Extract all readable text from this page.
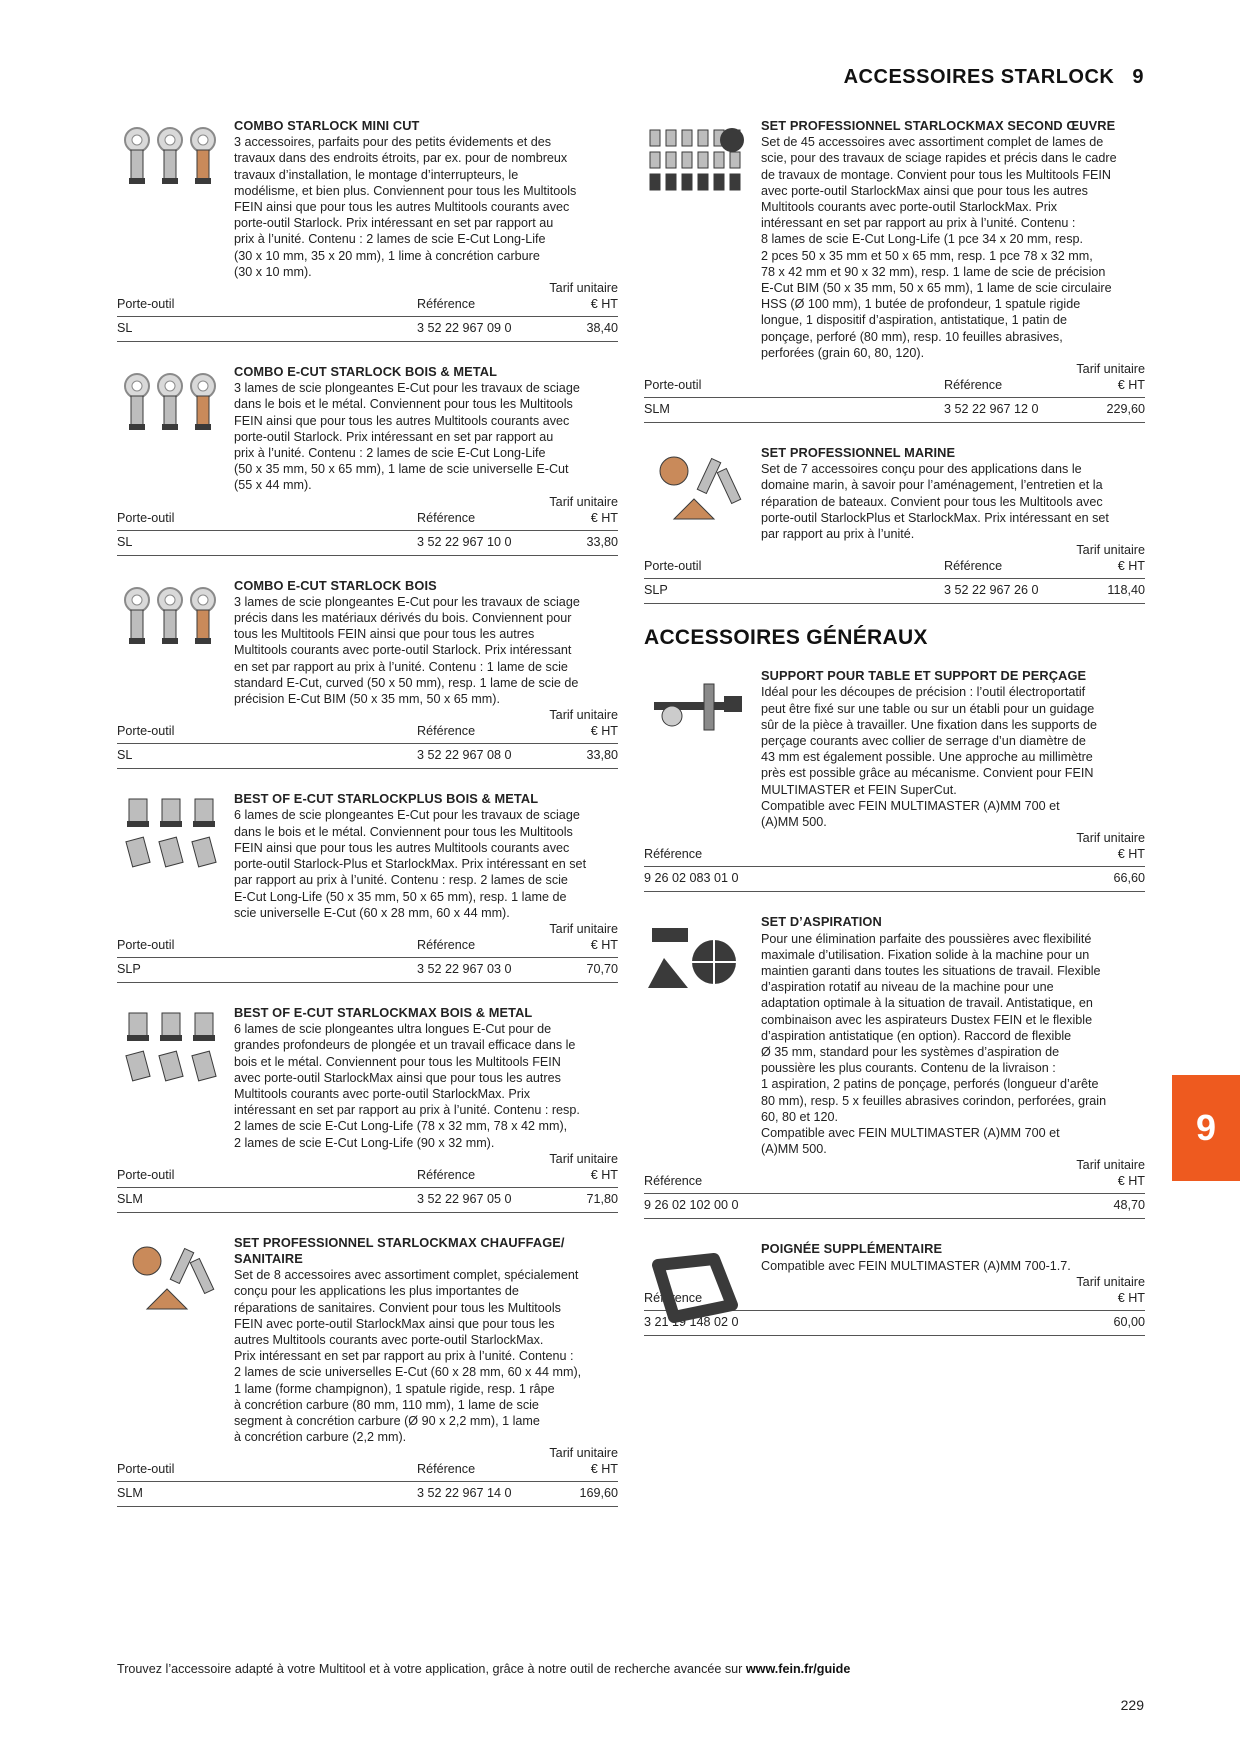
ACCESSOIRES STARLOCK 9
COMBO STARLOCK MINI CUT
3 accessoires, parfaits pour des petits évidements et des
travaux dans des endroits étroits, par ex. pour de nombreux
travaux d’installation, le montage d’interrupteurs, le
modélisme, et bien plus. Conviennent pour tous les Multitools
FEIN ainsi que pour tous les autres Multitools courants avec
porte-outil Starlock. Prix intéressant en set par rapport au
prix à l’unité. Contenu : 2 lames de scie E-Cut Long-Life
(30 x 10 mm, 35 x 20 mm), 1 lime à concrétion carbure
(30 x 10 mm).
Tarif unitaire
Porte-outil	Référence	€ HT
SL	3 52 22 967 09 0	38,40
COMBO E-CUT STARLOCK BOIS & METAL
3 lames de scie plongeantes E-Cut pour les travaux de sciage
dans le bois et le métal. Conviennent pour tous les Multitools
FEIN ainsi que pour tous les autres Multitools courants avec
porte-outil Starlock. Prix intéressant en set par rapport au
prix à l’unité. Contenu : 2 lames de scie E-Cut Long-Life
(50 x 35 mm, 50 x 65 mm), 1 lame de scie universelle E-Cut
(55 x 44 mm).
Tarif unitaire
Porte-outil	Référence	€ HT
SL	3 52 22 967 10 0	33,80
COMBO E-CUT STARLOCK BOIS
3 lames de scie plongeantes E-Cut pour les travaux de sciage
précis dans les matériaux dérivés du bois. Conviennent pour
tous les Multitools FEIN ainsi que pour tous les autres
Multitools courants avec porte-outil Starlock. Prix intéressant
en set par rapport au prix à l’unité. Contenu : 1 lame de scie
standard E-Cut, curved (50 x 50 mm), resp. 1 lame de scie de
précision E-Cut BIM (50 x 35 mm, 50 x 65 mm).
Tarif unitaire
Porte-outil	Référence	€ HT
SL	3 52 22 967 08 0	33,80
BEST OF E-CUT STARLOCKPLUS BOIS & METAL
6 lames de scie plongeantes E-Cut pour les travaux de sciage
dans le bois et le métal. Conviennent pour tous les Multitools
FEIN ainsi que pour tous les autres Multitools courants avec
porte-outil Starlock-Plus et StarlockMax. Prix intéressant en set
par rapport au prix à l’unité. Contenu : resp. 2 lames de scie
E-Cut Long-Life (50 x 35 mm, 50 x 65 mm), resp. 1 lame de
scie universelle E-Cut (60 x 28 mm, 60 x 44 mm).
Tarif unitaire
Porte-outil	Référence	€ HT
SLP	3 52 22 967 03 0	70,70
BEST OF E-CUT STARLOCKMAX BOIS & METAL
6 lames de scie plongeantes ultra longues E-Cut pour de
grandes profondeurs de plongée et un travail efficace dans le
bois et le métal. Conviennent pour tous les Multitools FEIN
avec porte-outil StarlockMax ainsi que pour tous les autres
Multitools courants avec porte-outil StarlockMax. Prix
intéressant en set par rapport au prix à l’unité. Contenu : resp.
2 lames de scie E-Cut Long-Life (78 x 32 mm, 78 x 42 mm),
2 lames de scie E-Cut Long-Life (90 x 32 mm).
Tarif unitaire
Porte-outil	Référence	€ HT
SLM	3 52 22 967 05 0	71,80
SET PROFESSIONNEL STARLOCKMAX CHAUFFAGE/
SANITAIRE
Set de 8 accessoires avec assortiment complet, spécialement
conçu pour les applications les plus importantes de
réparations de sanitaires. Convient pour tous les Multitools
FEIN avec porte-outil StarlockMax ainsi que pour tous les
autres Multitools courants avec porte-outil StarlockMax.
Prix intéressant en set par rapport au prix à l’unité. Contenu :
2 lames de scie universelles E-Cut (60 x 28 mm, 60 x 44 mm),
1 lame (forme champignon), 1 spatule rigide, resp. 1 râpe
à concrétion carbure (80 mm, 110 mm), 1 lame de scie
segment à concrétion carbure (Ø 90 x 2,2 mm), 1 lame
à concrétion carbure (2,2 mm).
Tarif unitaire
Porte-outil	Référence	€ HT
SLM	3 52 22 967 14 0	169,60
SET PROFESSIONNEL STARLOCKMAX SECOND ŒUVRE
Set de 45 accessoires avec assortiment complet de lames de
scie, pour des travaux de sciage rapides et précis dans le cadre
de travaux de montage. Convient pour tous les Multitools FEIN
avec porte-outil StarlockMax ainsi que pour tous les autres
Multitools courants avec porte-outil StarlockMax. Prix
intéressant en set par rapport au prix à l’unité. Contenu :
8 lames de scie E-Cut Long-Life (1 pce 34 x 20 mm, resp.
2 pces 50 x 35 mm et 50 x 65 mm, resp. 1 pce 78 x 32 mm,
78 x 42 mm et 90 x 32 mm), resp. 1 lame de scie de précision
E-Cut BIM (50 x 35 mm, 50 x 65 mm), 1 lame de scie circulaire
HSS (Ø 100 mm), 1 butée de profondeur, 1 spatule rigide
longue, 1 dispositif d’aspiration, antistatique, 1 patin de
ponçage, perforé (80 mm), resp. 10 feuilles abrasives,
perforées (grain 60, 80, 120).
Tarif unitaire
Porte-outil	Référence	€ HT
SLM	3 52 22 967 12 0	229,60
SET PROFESSIONNEL MARINE
Set de 7 accessoires conçu pour des applications dans le
domaine marin, à savoir pour l’aménagement, l’entretien et la
réparation de bateaux. Convient pour tous les Multitools avec
porte-outil StarlockPlus et StarlockMax. Prix intéressant en set
par rapport au prix à l’unité.
Tarif unitaire
Porte-outil	Référence	€ HT
SLP	3 52 22 967 26 0	118,40
ACCESSOIRES GÉNÉRAUX
SUPPORT POUR TABLE ET SUPPORT DE PERÇAGE
Idéal pour les découpes de précision : l’outil électroportatif
peut être fixé sur une table ou sur un établi pour un guidage
sûr de la pièce à travailler. Une fixation dans les supports de
perçage courants avec collier de serrage d’un diamètre de
43 mm est également possible. Une approche au millimètre
près est possible grâce au mécanisme. Convient pour FEIN
MULTIMASTER et FEIN SuperCut.
Compatible avec FEIN MULTIMASTER (A)MM 700 et
(A)MM 500.
Tarif unitaire
Référence	€ HT
9 26 02 083 01 0	66,60
SET D’ASPIRATION
Pour une élimination parfaite des poussières avec flexibilité
maximale d’utilisation. Fixation solide à la machine pour un
maintien garanti dans toutes les situations de travail. Flexible
d’aspiration rotatif au niveau de la machine pour une
adaptation optimale à la situation de travail. Antistatique, en
combinaison avec les aspirateurs Dustex FEIN et le flexible
d’aspiration antistatique (en option). Raccord de flexible
Ø 35 mm, standard pour les systèmes d’aspiration de
poussière les plus courants. Contenu de la livraison :
1 aspiration, 2 patins de ponçage, perforés (longueur d’arête
80 mm), resp. 5 x feuilles abrasives corindon, perforées, grain
60, 80 et 120.
Compatible avec FEIN MULTIMASTER (A)MM 700 et
(A)MM 500.
Tarif unitaire
Référence	€ HT
9 26 02 102 00 0	48,70
POIGNÉE SUPPLÉMENTAIRE
Compatible avec FEIN MULTIMASTER (A)MM 700-1.7.
Tarif unitaire
Référence	€ HT
3 21 19 148 02 0	60,00
9
Trouvez l’accessoire adapté à votre Multitool et à votre application, grâce à notre outil de recherche avancée sur www.fein.fr/guide
229
